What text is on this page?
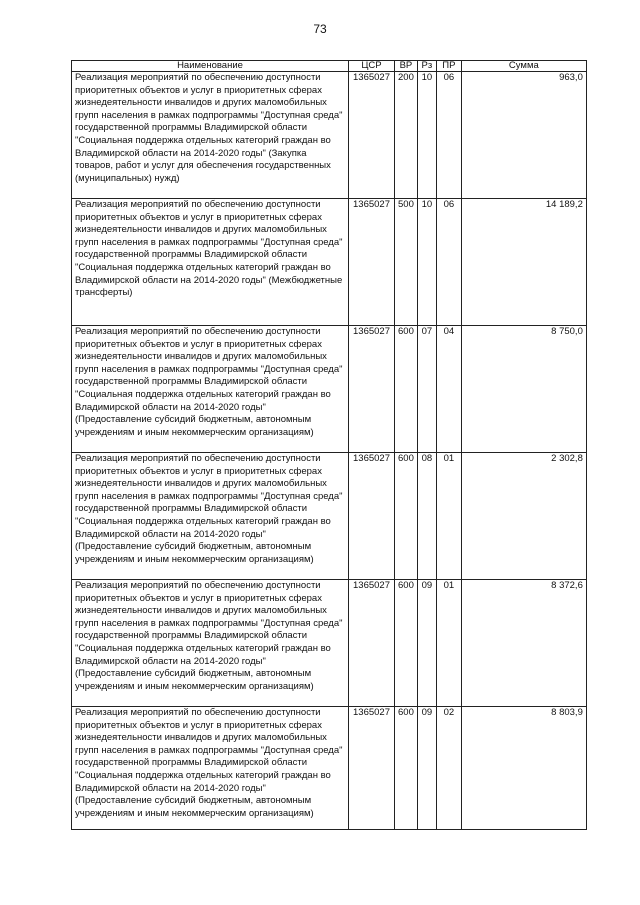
73
Наименование	ЦСР	ВР	Рз	ПР	Сумма
Реализация мероприятий по обеспечению доступности приоритетных объектов и услуг в приоритетных сферах жизнедеятельности инвалидов и других маломобильных групп населения в рамках подпрограммы "Доступная среда" государственной программы Владимирской области "Социальная поддержка отдельных категорий граждан во Владимирской области на 2014-2020 годы" (Закупка товаров, работ и услуг для обеспечения государственных (муниципальных) нужд)	1365027	200	10	06	963,0
Реализация мероприятий по обеспечению доступности приоритетных объектов и услуг в приоритетных сферах жизнедеятельности инвалидов и других маломобильных групп населения в рамках подпрограммы "Доступная среда" государственной программы Владимирской области "Социальная поддержка отдельных категорий граждан во Владимирской области на 2014-2020 годы" (Межбюджетные трансферты)	1365027	500	10	06	14 189,2
Реализация мероприятий по обеспечению доступности приоритетных объектов и услуг в приоритетных сферах жизнедеятельности инвалидов и других маломобильных групп населения в рамках подпрограммы "Доступная среда" государственной программы Владимирской области "Социальная поддержка отдельных категорий граждан во Владимирской области на 2014-2020 годы" (Предоставление субсидий бюджетным, автономным учреждениям и иным некоммерческим организациям)	1365027	600	07	04	8 750,0
Реализация мероприятий по обеспечению доступности приоритетных объектов и услуг в приоритетных сферах жизнедеятельности инвалидов и других маломобильных групп населения в рамках подпрограммы "Доступная среда" государственной программы Владимирской области "Социальная поддержка отдельных категорий граждан во Владимирской области на 2014-2020 годы" (Предоставление субсидий бюджетным, автономным учреждениям и иным некоммерческим организациям)	1365027	600	08	01	2 302,8
Реализация мероприятий по обеспечению доступности приоритетных объектов и услуг в приоритетных сферах жизнедеятельности инвалидов и других маломобильных групп населения в рамках подпрограммы "Доступная среда" государственной программы Владимирской области "Социальная поддержка отдельных категорий граждан во Владимирской области на 2014-2020 годы" (Предоставление субсидий бюджетным, автономным учреждениям и иным некоммерческим организациям)	1365027	600	09	01	8 372,6
Реализация мероприятий по обеспечению доступности приоритетных объектов и услуг в приоритетных сферах жизнедеятельности инвалидов и других маломобильных групп населения в рамках подпрограммы "Доступная среда" государственной программы Владимирской области "Социальная поддержка отдельных категорий граждан во Владимирской области на 2014-2020 годы" (Предоставление субсидий бюджетным, автономным учреждениям и иным некоммерческим организациям)	1365027	600	09	02	8 803,9
